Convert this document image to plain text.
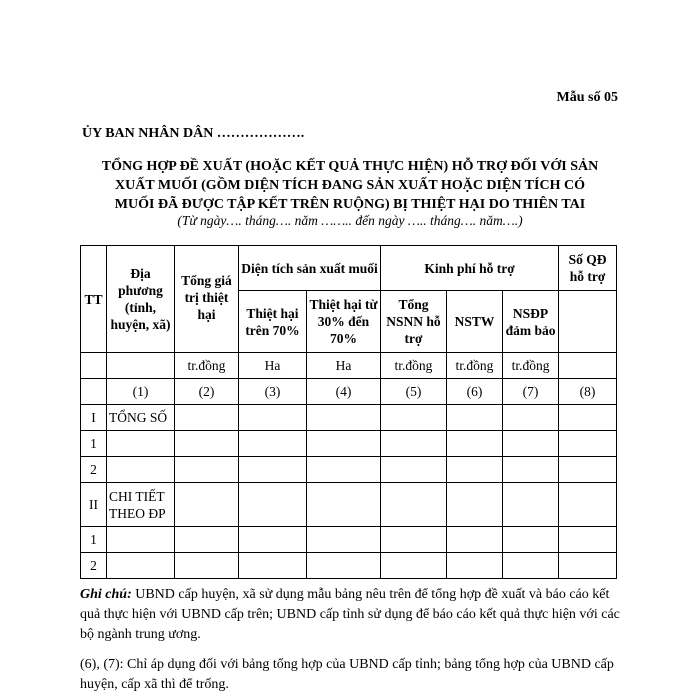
Mẫu số 05
ỦY BAN NHÂN DÂN ……………….
TỔNG HỢP ĐỀ XUẤT (HOẶC KẾT QUẢ THỰC HIỆN) HỖ TRỢ ĐỐI VỚI SẢN
XUẤT MUỐI (GỒM DIỆN TÍCH ĐANG SẢN XUẤT HOẶC DIỆN TÍCH CÓ
MUỐI ĐÃ ĐƯỢC TẬP KẾT TRÊN RUỘNG) BỊ THIỆT HẠI DO THIÊN TAI
(Từ ngày…. tháng…. năm …….. đến ngày ….. tháng…. năm….)
TT	Địa phương (tỉnh, huyện, xã)	Tổng giá trị thiệt hại	Diện tích sản xuất muối		Kinh phí hỗ trợ			Số QĐ hỗ trợ
			Thiệt hại trên 70%	Thiệt hại từ 30% đến 70%	Tổng NSNN hỗ trợ	NSTW	NSĐP đảm bảo	
		tr.đồng	Ha	Ha	tr.đồng	tr.đồng	tr.đồng	
	(1)	(2)	(3)	(4)	(5)	(6)	(7)	(8)
I	TỔNG SỐ							
1								
2								
II	CHI TIẾT THEO ĐP							
1								
2								
Ghi chú: UBND cấp huyện, xã sử dụng mẫu bảng nêu trên để tổng hợp đề xuất và báo cáo kết quả thực hiện với UBND cấp trên; UBND cấp tỉnh sử dụng để báo cáo kết quả thực hiện với các bộ ngành trung ương.
(6), (7): Chỉ áp dụng đối với bảng tổng hợp của UBND cấp tỉnh; bảng tổng hợp của UBND cấp huyện, cấp xã thì để trống.
